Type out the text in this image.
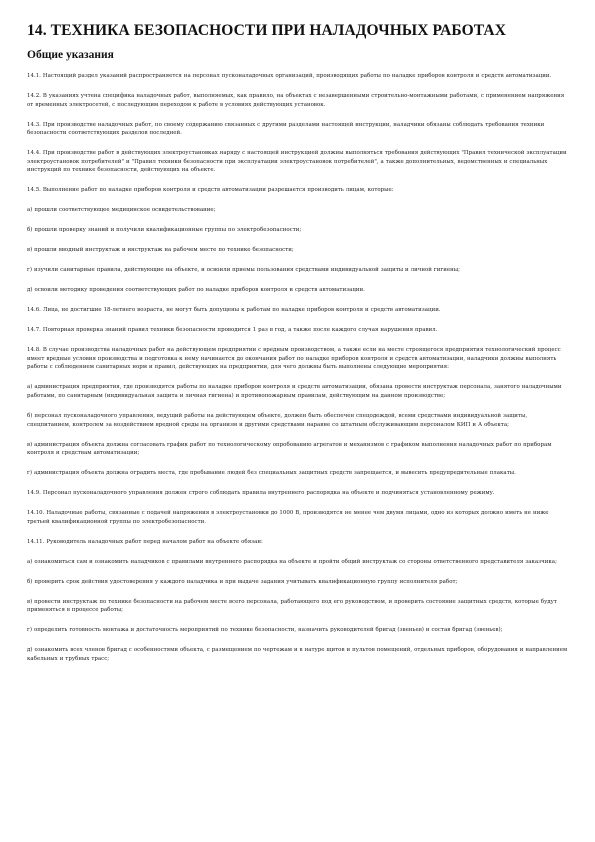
14. ТЕХНИКА БЕЗОПАСНОСТИ ПРИ НАЛАДОЧНЫХ РАБОТАХ
Общие указания

14.1. Настоящий раздел указаний распространяется на персонал пусконаладочных организаций, производящих работы по наладке приборов контроля и средств автоматизации.

14.2. В указаниях учтена специфика наладочных работ, выполняемых, как правило, на объектах с незавершенными строительно-монтажными работами, с применением напряжения от временных электросетей, с последующим переходом к работе в условиях действующих установок.

14.3. При производстве наладочных работ, по своему содержанию связанных с другими разделами настоящей инструкции, наладчики обязаны соблюдать требования техники безопасности соответствующих разделов последней.

14.4. При производстве работ в действующих электроустановках наряду с настоящей инструкцией должны выполняться требования действующих "Правил технической эксплуатации электроустановок потребителей" и "Правил техники безопасности при эксплуатации электроустановок потребителей", а также дополнительных, ведомственных и специальных инструкций по технике безопасности, действующих на объекте.

14.5. Выполнение работ по наладке приборов контроля и средств автоматизации разрешается производить лицам, которые:

а) прошли соответствующее медицинское освидетельствование;

б) прошли проверку знаний и получили квалификационные группы по электробезопасности;

в) прошли вводный инструктаж и инструктаж на рабочем месте по технике безопасности;

г) изучили санитарные правила, действующие на объекте, и освоили приемы пользования средствами индивидуальной защиты и личной гигиены;

д) освоили методику проведения соответствующих работ по наладке приборов контроля и средств автоматизации.

14.6. Лица, не достигшие 18-летнего возраста, не могут быть допущены к работам по наладке приборов контроля и средств автоматизации.

14.7. Повторная проверка знаний правил техники безопасности проводится 1 раз в год, а также после каждого случая нарушения правил.

14.8. В случае производства наладочных работ на действующем предприятии с вредным производством, а также если на месте строящегося предприятия технологический процесс имеет вредные условия производства и подготовка к нему начинается до окончания работ по наладке приборов контроля и средств автоматизации, наладчики должны выполнять работы с соблюдением санитарных норм и правил, действующих на предприятии, для чего должны быть выполнены следующие мероприятия:

а) администрация предприятия, где производятся работы по наладке приборов контроля и средств автоматизации, обязана провести инструктаж персонала, занятого наладочными работами, по санитарным (индивидуальная защита и личная гигиена) и противопожарным правилам, действующим на данном производстве;

б) персонал пусконаладочного управления, ведущий работы на действующем объекте, должен быть обеспечен спецодеждой, всеми средствами индивидуальной защиты, спецпитанием, контролем за воздействием вредной среды на организм и другими средствами наравне со штатным обслуживающим персоналом КИП и А объекта;

в) администрация объекта должна согласовать график работ по технологическому опробованию агрегатов и механизмов с графиком выполнения наладочных работ по приборам контроля и средствам автоматизации;

г) администрация объекта должна оградить места, где пребывание людей без специальных защитных средств запрещается, и вывесить предупредительные плакаты.

14.9. Персонал пусконаладочного управления должен строго соблюдать правила внутреннего распорядка на объекте и подчиняться установленному режиму.

14.10. Наладочные работы, связанные с подачей напряжения в электроустановки до 1000 В, производятся не менее чем двумя лицами, одно из которых должно иметь не ниже третьей квалификационной группы по электробезопасности.

14.11. Руководитель наладочных работ перед началом работ на объекте обязан:

а) ознакомиться сам и ознакомить наладчиков с правилами внутреннего распорядка на объекте и пройти общий инструктаж со стороны ответственного представителя заказчика;

б) проверить срок действия удостоверения у каждого наладчика и при выдаче задания учитывать квалификационную группу исполнителя работ;

в) провести инструктаж по технике безопасности на рабочем месте всего персонала, работающего под его руководством, и проверить состояние защитных средств, которые будут применяться в процессе работы;

г) определить готовность монтажа и достаточность мероприятий по технике безопасности, назначить руководителей бригад (звеньев) и состав бригад (звеньев);

д) ознакомить всех членов бригад с особенностями объекта, с размещением по чертежам и в натуре щитов и пультов помещений, отдельных приборов, оборудования и направлением кабельных и трубных трасс;
